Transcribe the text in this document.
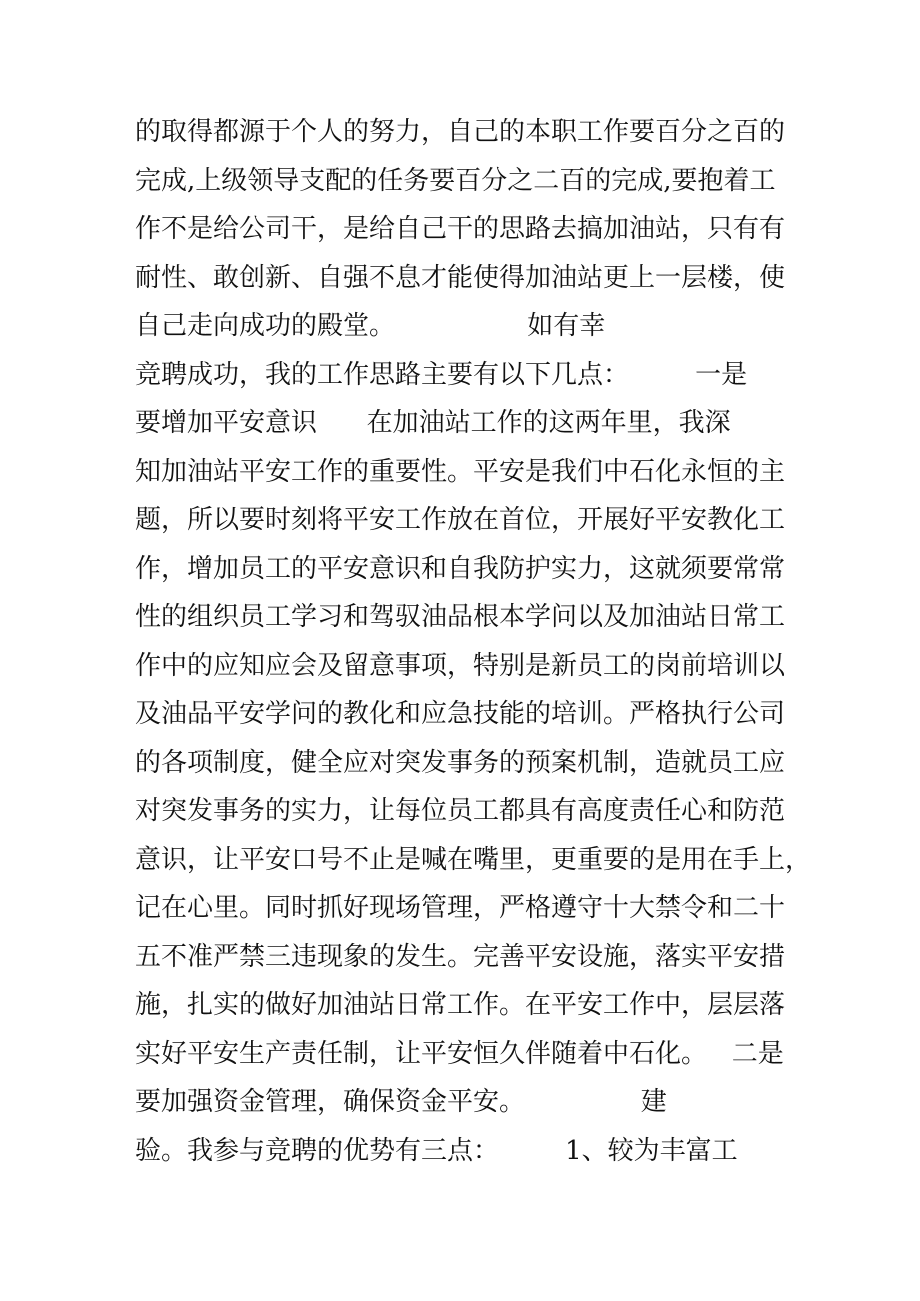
的取得都源于个人的努力，自己的本职工作要百分之百的
完成,上级领导支配的任务要百分之二百的完成,要抱着工
作不是给公司干，是给自己干的思路去搞加油站，只有有
耐性、敢创新、自强不息才能使得加油站更上一层楼，使
自己走向成功的殿堂。                如有幸
竞聘成功，我的工作思路主要有以下几点：        一是
要增加平安意识      在加油站工作的这两年里，我深
知加油站平安工作的重要性。平安是我们中石化永恒的主
题，所以要时刻将平安工作放在首位，开展好平安教化工
作，增加员工的平安意识和自我防护实力，这就须要常常
性的组织员工学习和驾驭油品根本学问以及加油站日常工
作中的应知应会及留意事项，特别是新员工的岗前培训以
及油品平安学问的教化和应急技能的培训。严格执行公司
的各项制度，健全应对突发事务的预案机制，造就员工应
对突发事务的实力，让每位员工都具有高度责任心和防范
意识，让平安口号不止是喊在嘴里，更重要的是用在手上，
记在心里。同时抓好现场管理，严格遵守十大禁令和二十
五不准严禁三违现象的发生。完善平安设施，落实平安措
施，扎实的做好加油站日常工作。在平安工作中，层层落
实好平安生产责任制，让平安恒久伴随着中石化。   二是
要加强资金管理，确保资金平安。              建
验。我参与竞聘的优势有三点：        1、较为丰富工
